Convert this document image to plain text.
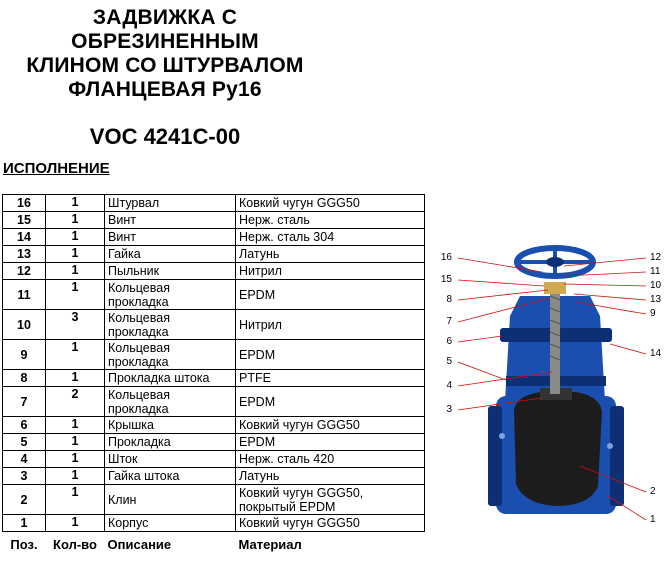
ЗАДВИЖКА С
ОБРЕЗИНЕННЫМ
КЛИНОМ СО ШТУРВАЛОМ
ФЛАНЦЕВАЯ Ру16
VOC 4241C-00
ИСПОЛНЕНИЕ
16	1	Штурвал	Ковкий чугун GGG50
15	1	Винт	Нерж. сталь
14	1	Винт	Нерж. сталь 304
13	1	Гайка	Латунь
12	1	Пыльник	Нитрил
11	1	Кольцевая прокладка	EPDM
10	3	Кольцевая прокладка	Нитрил
9	1	Кольцевая прокладка	EPDM
8	1	Прокладка штока	PTFE
7	2	Кольцевая прокладка	EPDM
6	1	Крышка	Ковкий чугун GGG50
5	1	Прокладка	EPDM
4	1	Шток	Нерж. сталь 420
3	1	Гайка штока	Латунь
2	1	Клин	Ковкий чугун GGG50, покрытый EPDM
1	1	Корпус	Ковкий чугун GGG50
Поз.	Кол-во	Описание	Материал
16
15
8
7
6
5
4
3
12
11
10
13
9
14
2
1
